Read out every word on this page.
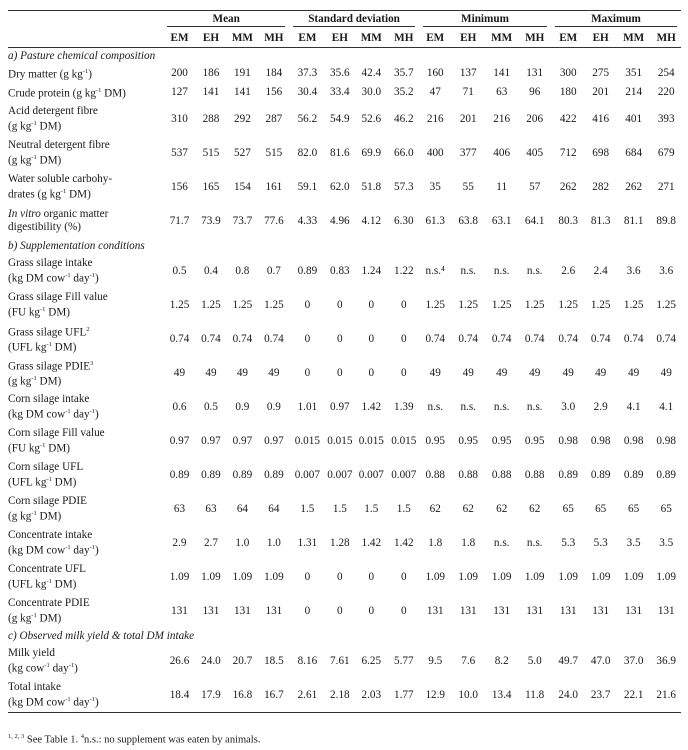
	Mean				Standard deviation				Minimum				Maximum			

	EM	EH	MM	MH	EM	EH	MM	MH	EM	EH	MM	MH	EM	EH	MM	MH
a) Pasture chemical composition																
Dry matter (g $kg^{-1}$)	200	186	191	184	37.3	35.6	42.4	35.7	160	137	141	131	300	275	351	254
Crude protein (g $kg^{-1}$ DM)	127	141	141	156	30.4	33.4	30.0	35.2	47	71	63	96	180	201	214	220
Acid detergent fibre
(g $kg^{-1}$ DM)	310	288	292	287	56.2	54.9	52.6	46.2	216	201	216	206	422	416	401	393
Neutral detergent fibre
(g $kg^{-1}$ DM)	537	515	527	515	82.0	81.6	69.9	66.0	400	377	406	405	712	698	684	679
Water soluble carbohy-
drates (g $kg^{-1}$ DM)	156	165	154	161	59.1	62.0	51.8	57.3	35	55	11	57	262	282	262	271
In vitro organic matter
digestibility (%)	71.7	73.9	73.7	77.6	4.33	4.96	4.12	6.30	61.3	63.8	63.1	64.1	80.3	81.3	81.1	89.8
b) Supplementation conditions																
Grass silage intake
(kg DM cow$^{-1}$ day$^{-1}$)	0.5	0.4	0.8	0.7	0.89	0.83	1.24	1.22	n.s.⁴	n.s.	n.s.	n.s.	2.6	2.4	3.6	3.6
Grass silage Fill value
(FU $kg^{-1}$ DM)	1.25	1.25	1.25	1.25	0	0	0	0	1.25	1.25	1.25	1.25	1.25	1.25	1.25	1.25
Grass silage UFL$^2$
(UFL $kg^{-1}$ DM)	0.74	0.74	0.74	0.74	0	0	0	0	0.74	0.74	0.74	0.74	0.74	0.74	0.74	0.74
Grass silage PDIE$^3$
(g $kg^{-1}$ DM)	49	49	49	49	0	0	0	0	49	49	49	49	49	49	49	49
Corn silage intake
(kg DM cow$^{-1}$ day$^{-1}$)	0.6	0.5	0.9	0.9	1.01	0.97	1.42	1.39	n.s.	n.s.	n.s.	n.s.	3.0	2.9	4.1	4.1
Corn silage Fill value
(FU $kg^{-1}$ DM)	0.97	0.97	0.97	0.97	0.015	0.015	0.015	0.015	0.95	0.95	0.95	0.95	0.98	0.98	0.98	0.98
Corn silage UFL
(UFL $kg^{-1}$ DM)	0.89	0.89	0.89	0.89	0.007	0.007	0.007	0.007	0.88	0.88	0.88	0.88	0.89	0.89	0.89	0.89
Corn silage PDIE
(g $kg^{-1}$ DM)	63	63	64	64	1.5	1.5	1.5	1.5	62	62	62	62	65	65	65	65
Concentrate intake
(kg DM cow$^{-1}$ day$^{-1}$)	2.9	2.7	1.0	1.0	1.31	1.28	1.42	1.42	1.8	1.8	n.s.	n.s.	5.3	5.3	3.5	3.5
Concentrate UFL
(UFL $kg^{-1}$ DM)	1.09	1.09	1.09	1.09	0	0	0	0	1.09	1.09	1.09	1.09	1.09	1.09	1.09	1.09
Concentrate PDIE
(g $kg^{-1}$ DM)	131	131	131	131	0	0	0	0	131	131	131	131	131	131	131	131
c) Observed milk yield & total DM intake																
Milk yield
(kg cow$^{-1}$ day$^{-1}$)	26.6	24.0	20.7	18.5	8.16	7.61	6.25	5.77	9.5	7.6	8.2	5.0	49.7	47.0	37.0	36.9
Total intake
(kg DM cow$^{-1}$ day$^{-1}$)	18.4	17.9	16.8	16.7	2.61	2.18	2.03	1.77	12.9	10.0	13.4	11.8	24.0	23.7	22.1	21.6
$^{1, 2, 3}$ See Table 1. $^4$n.s.: no supplement was eaten by animals.
